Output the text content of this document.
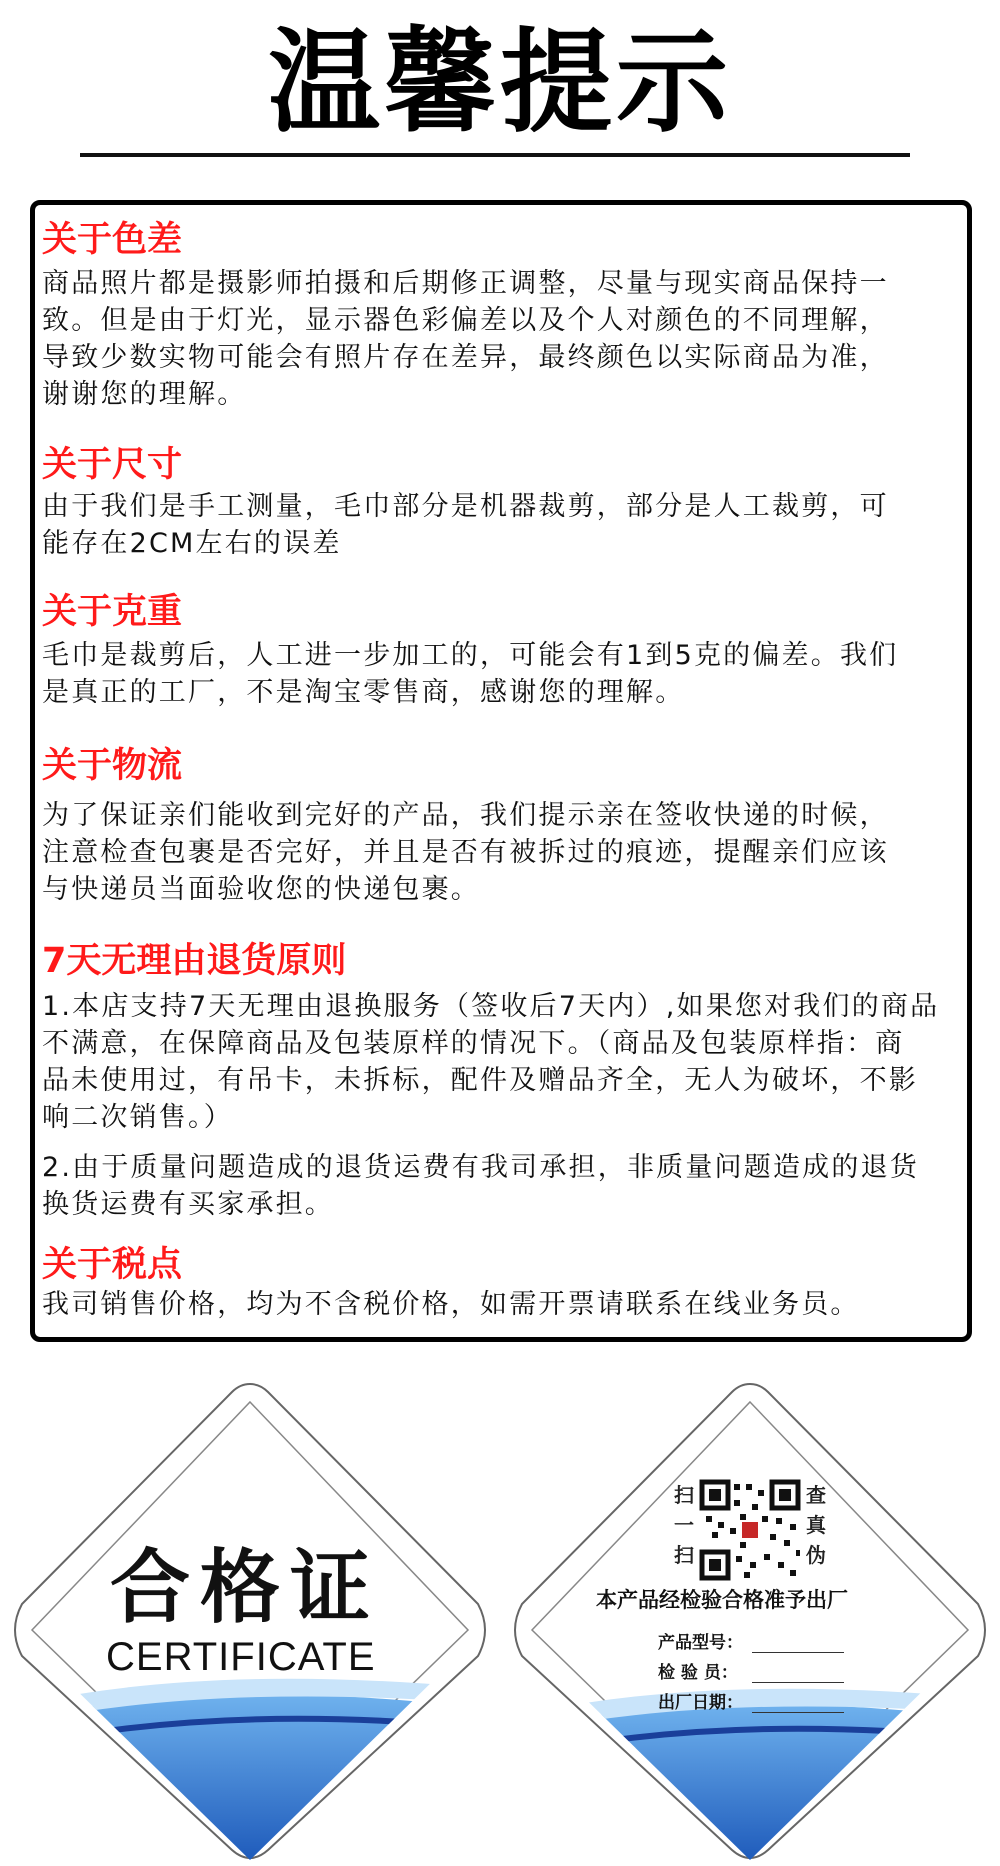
温馨提示
关于色差
商品照片都是摄影师拍摄和后期修正调整，尽量与现实商品保持一
致。但是由于灯光，显示器色彩偏差以及个人对颜色的不同理解，
导致少数实物可能会有照片存在差异，最终颜色以实际商品为准，
谢谢您的理解。
关于尺寸
由于我们是手工测量，毛巾部分是机器裁剪，部分是人工裁剪，可
能存在2CM左右的误差
关于克重
毛巾是裁剪后，人工进一步加工的，可能会有1到5克的偏差。我们
是真正的工厂，不是淘宝零售商，感谢您的理解。
关于物流
为了保证亲们能收到完好的产品，我们提示亲在签收快递的时候，
注意检查包裹是否完好，并且是否有被拆过的痕迹，提醒亲们应该
与快递员当面验收您的快递包裹。
7天无理由退货原则
1.本店支持7天无理由退换服务（签收后7天内）,如果您对我们的商品
不满意，在保障商品及包装原样的情况下。（商品及包装原样指：商
品未使用过，有吊卡，未拆标，配件及赠品齐全，无人为破坏，不影
响二次销售。）
2.由于质量问题造成的退货运费有我司承担，非质量问题造成的退货
换货运费有买家承担。
关于税点
我司销售价格，均为不含税价格，如需开票请联系在线业务员。
合格证
CERTIFICATE
扫
一
扫
查
真
伪
本产品经检验合格准予出厂
产品型号：
检 验 员：
出厂日期：
